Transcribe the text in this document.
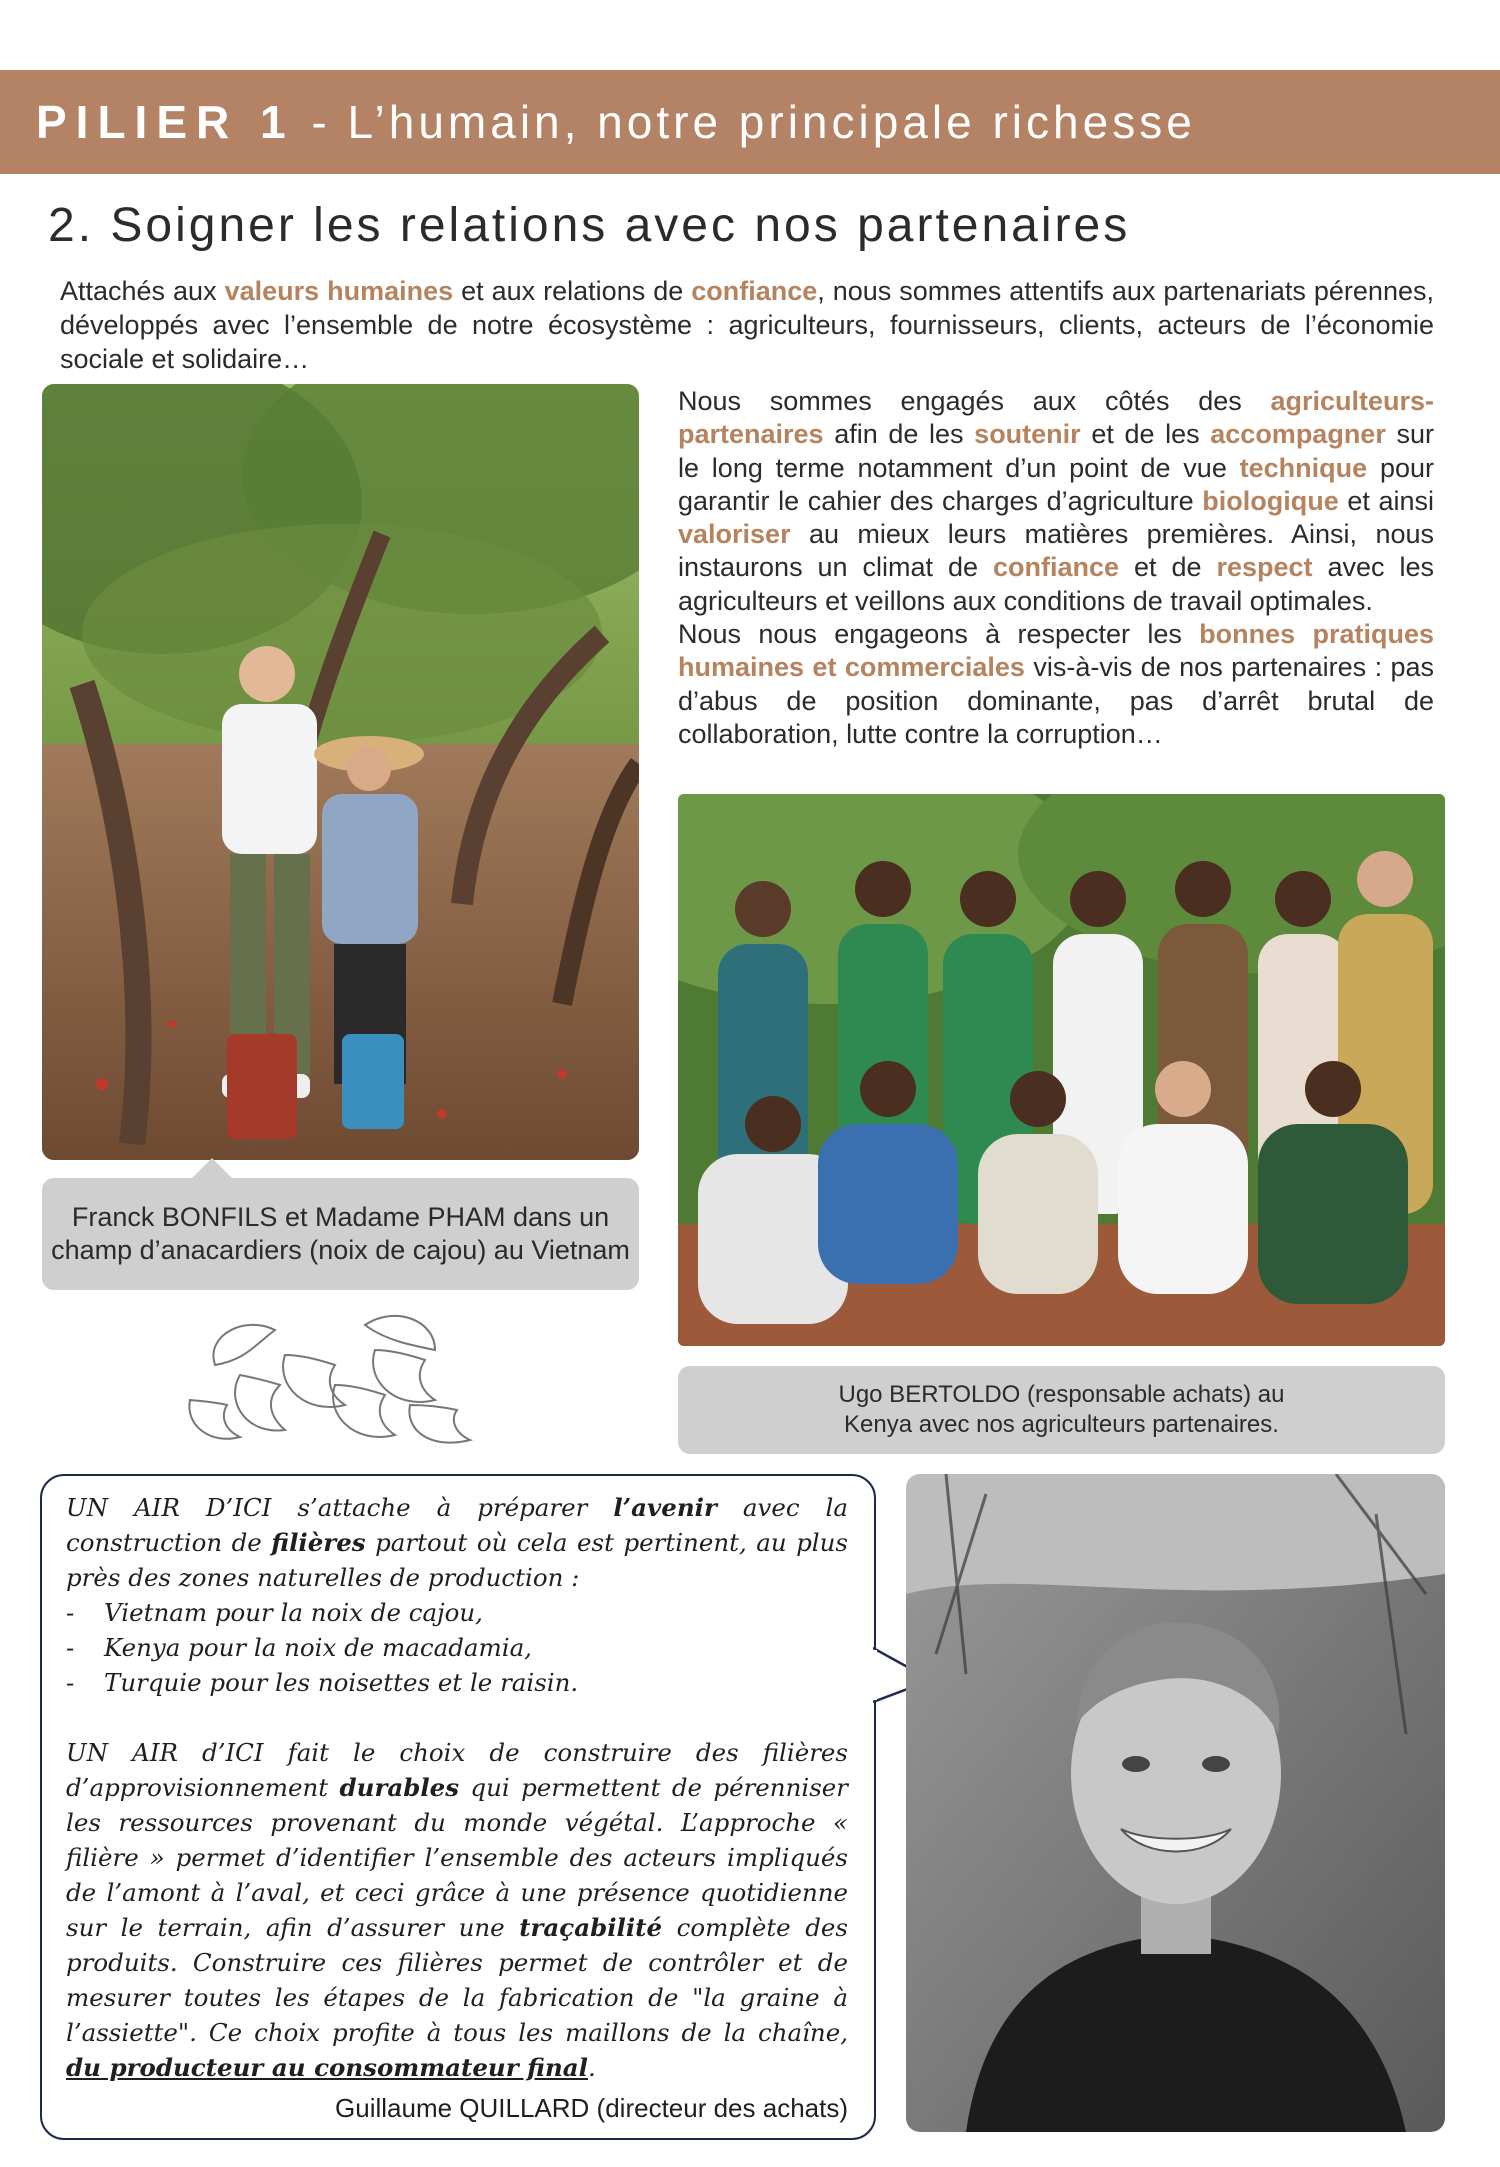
PILIER 1 - L’humain, notre principale richesse
2. Soigner les relations avec nos partenaires
Attachés aux valeurs humaines et aux relations de confiance, nous sommes attentifs aux partenariats pérennes, développés avec l’ensemble de notre écosystème : agriculteurs, fournisseurs, clients, acteurs de l’économie sociale et solidaire…
Franck BONFILS et Madame PHAM dans un champ d’anacardiers (noix de cajou) au Vietnam

Nous sommes engagés aux côtés des agriculteurs-partenaires afin de les soutenir et de les accompagner sur le long terme notamment d’un point de vue technique pour garantir le cahier des charges d’agriculture biologique et ainsi valoriser au mieux leurs matières premières. Ainsi, nous instaurons un climat de confiance et de respect avec les agriculteurs et veillons aux conditions de travail optimales.

Nous nous engageons à respecter les bonnes pratiques humaines et commerciales vis-à-vis de nos partenaires : pas d’abus de position dominante, pas d’arrêt brutal de collaboration, lutte contre la corruption…

Ugo BERTOLDO (responsable achats) au
Kenya avec nos agriculteurs partenaires.

UN AIR D’ICI s’attache à préparer l’avenir avec la construction de filières partout où cela est pertinent, au plus près des zones naturelles de production :

- Vietnam pour la noix de cajou,
- Kenya pour la noix de macadamia,
- Turquie pour les noisettes et le raisin.

UN AIR d’ICI fait le choix de construire des filières d’approvisionnement durables qui permettent de pérenniser les ressources provenant du monde végétal. L’approche « filière » permet d’identifier l’ensemble des acteurs impliqués de l’amont à l’aval, et ceci grâce à une présence quotidienne sur le terrain, afin d’assurer une traçabilité complète des produits. Construire ces filières permet de contrôler et de mesurer toutes les étapes de la fabrication de "la graine à l’assiette". Ce choix profite à tous les maillons de la chaîne, du producteur au consommateur final.

Guillaume QUILLARD (directeur des achats)
